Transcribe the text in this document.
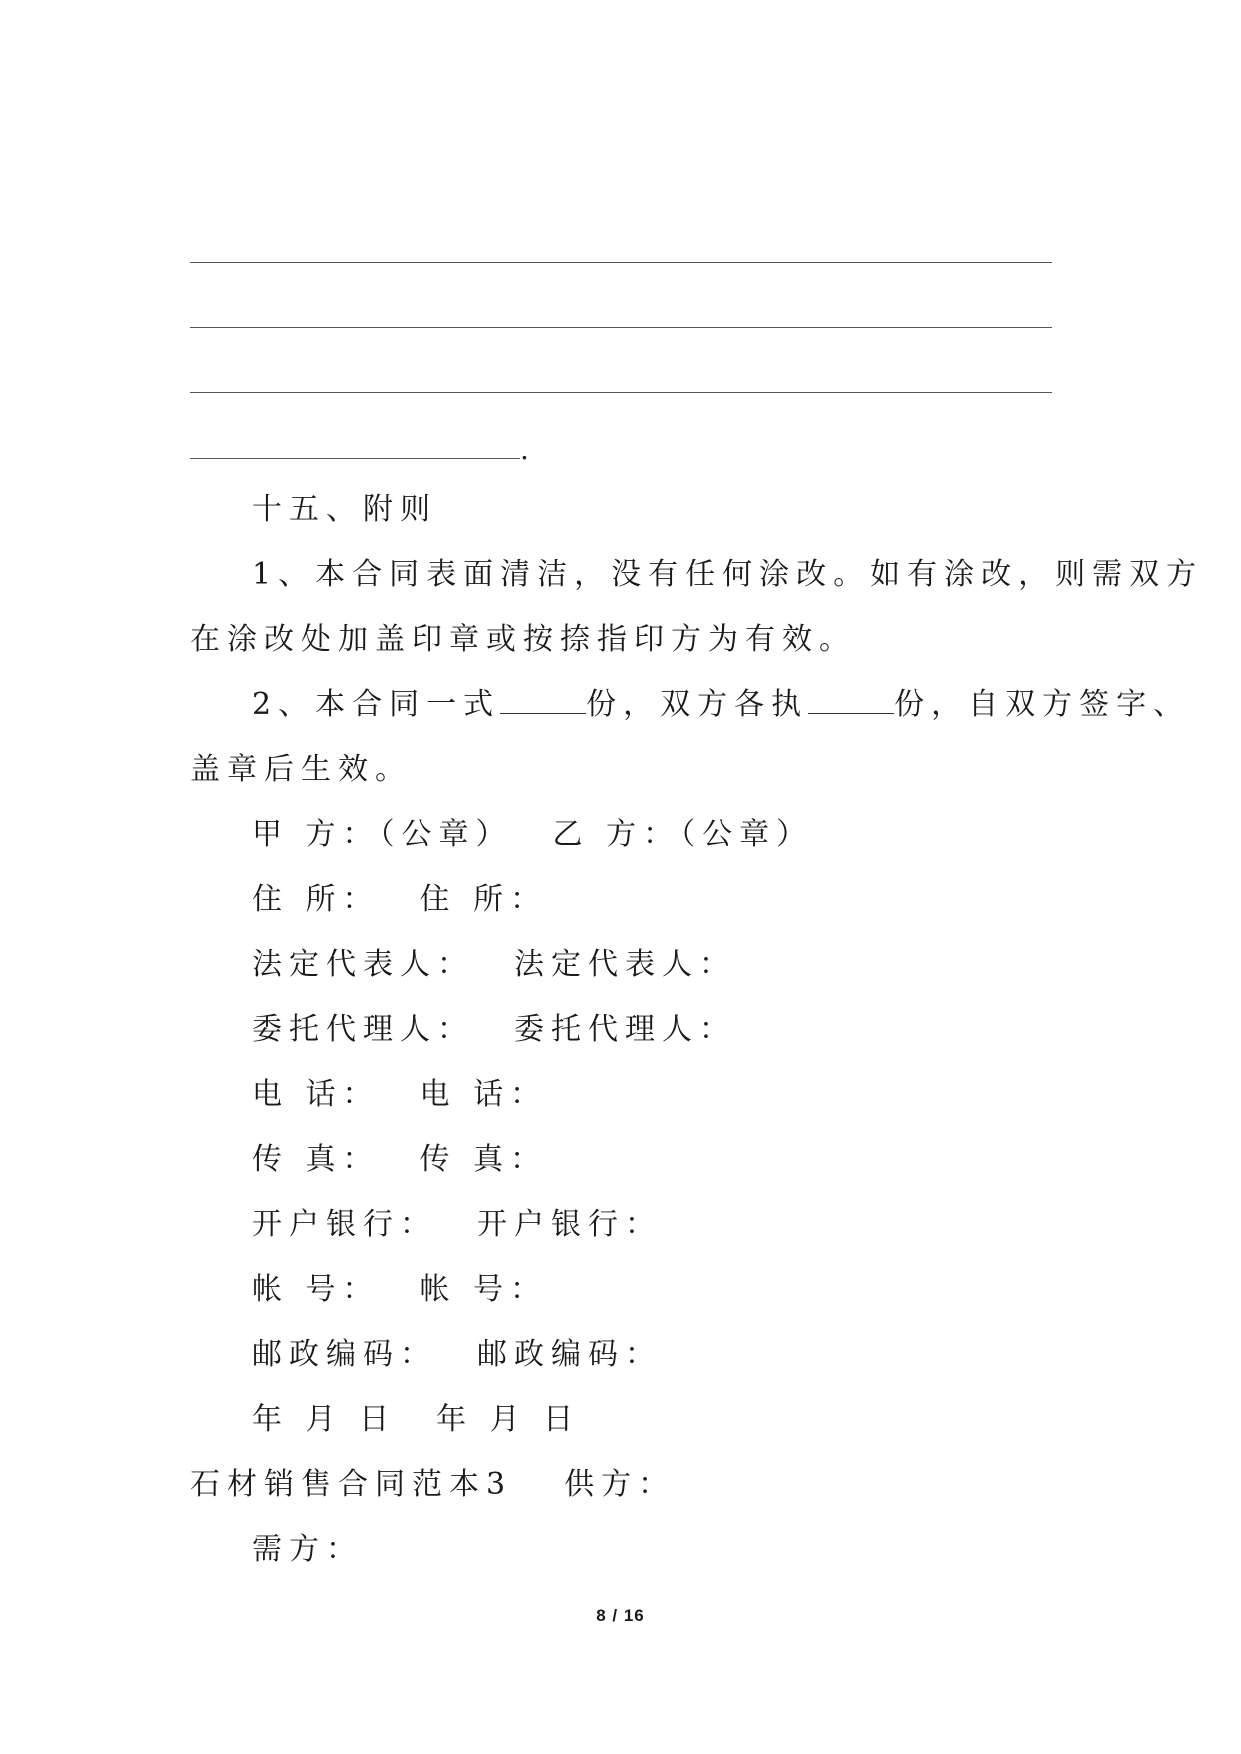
.
十五、附则
1、本合同表面清洁，没有任何涂改。如有涂改，则需双方
在涂改处加盖印章或按捺指印方为有效。
2、本合同一式	份，双方各执	份，自双方签字、
盖章后生效。
甲 方：（公章） 乙 方：（公章）
住 所： 住 所：
法定代表人： 法定代表人：
委托代理人： 委托代理人：
电 话： 电 话：
传 真： 传 真：
开户银行： 开户银行：
帐 号： 帐 号：
邮政编码： 邮政编码：
年 月 日 年 月 日
石材销售合同范本3 供方：
需方：
8 / 16
